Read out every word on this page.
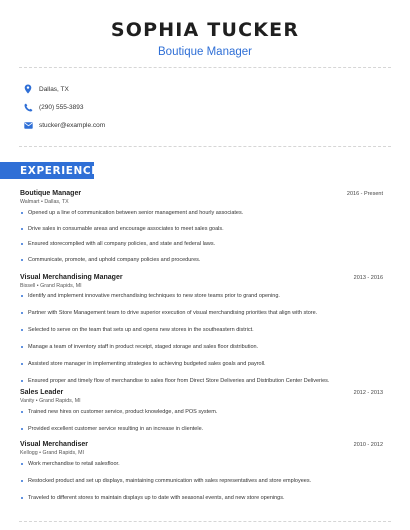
SOPHIA TUCKER
Boutique Manager
Dallas, TX
(290) 555-3893
stucker@example.com
EXPERIENCE
Boutique Manager	2016 - Present
Walmart • Dallas, TX
Opened up a line of communication between senior management and hourly associates.
Drive sales in consumable areas and encourage associates to meet sales goals.
Ensured storecomplied with all company policies, and state and federal laws.
Communicate, promote, and uphold company policies and procedures.
Visual Merchandising Manager	2013 - 2016
Bissell • Grand Rapids, MI
Identify and implement innovative merchandising techniques to new store teams prior to grand opening.
Partner with Store Management team to drive superior execution of visual merchandising priorities that align with store.
Selected to serve on the team that sets up and opens new stores in the southeastern district.
Manage a team of inventory staff in product receipt, staged storage and sales floor distribution.
Assisted store manager in implementing strategies to achieving budgeted sales goals and payroll.
Ensured proper and timely flow of merchandise to sales floor from Direct Store Deliveries and Distribution Center Deliveries.
Sales Leader	2012 - 2013
Vanity • Grand Rapids, MI
Trained new hires on customer service, product knowledge, and POS system.
Provided excellent customer service resulting in an increase in clientele.
Visual Merchandiser	2010 - 2012
Kellogg • Grand Rapids, MI
Work merchandise to retail salesfloor.
Restocked product and set up displays, maintaining communication with sales representatives and store employees.
Traveled to different stores to maintain displays up to date with seasonal events, and new store openings.
